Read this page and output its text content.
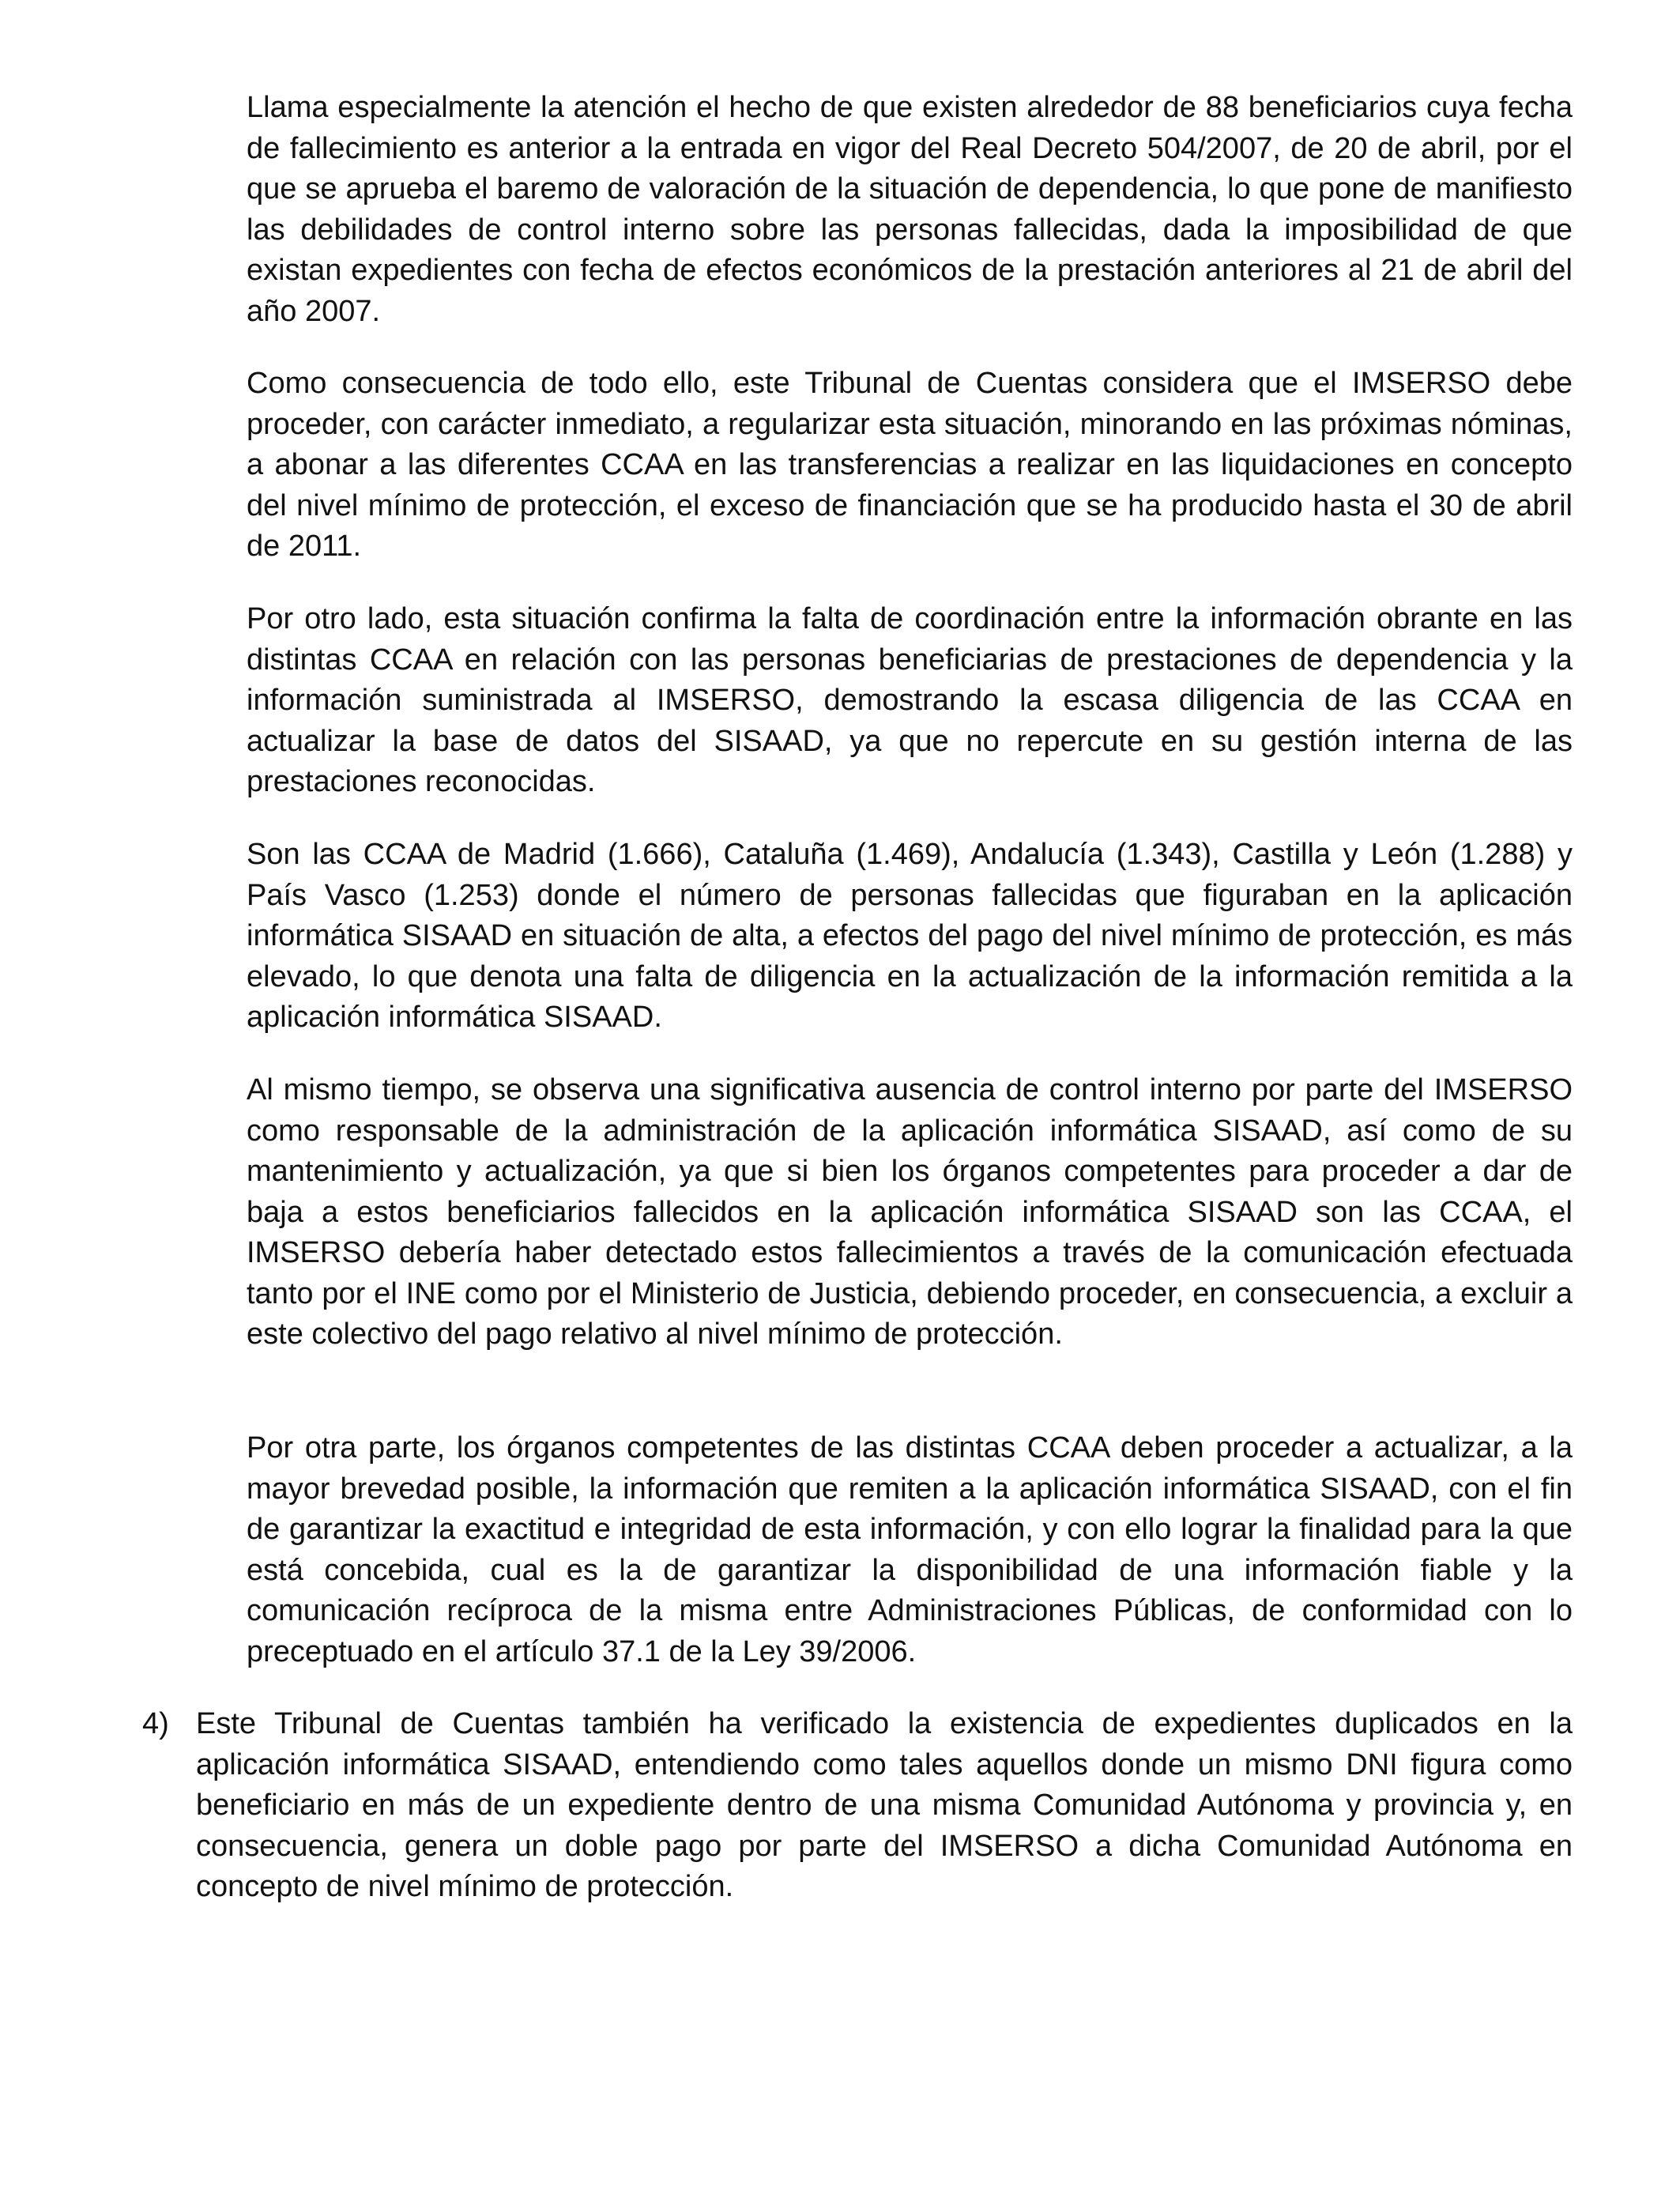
Llama especialmente la atención el hecho de que existen alrededor de 88 beneficiarios cuya fecha de fallecimiento es anterior a la entrada en vigor del Real Decreto 504/2007, de 20 de abril, por el que se aprueba el baremo de valoración de la situación de dependencia, lo que pone de manifiesto las debilidades de control interno sobre las personas fallecidas, dada la imposibilidad de que existan expedientes con fecha de efectos económicos de la prestación anteriores al 21 de abril del año 2007.

Como consecuencia de todo ello, este Tribunal de Cuentas considera que el IMSERSO debe proceder, con carácter inmediato, a regularizar esta situación, minorando en las próximas nóminas, a abonar a las diferentes CCAA en las transferencias a realizar en las liquidaciones en concepto del nivel mínimo de protección, el exceso de financiación que se ha producido hasta el 30 de abril de 2011.

Por otro lado, esta situación confirma la falta de coordinación entre la información obrante en las distintas CCAA en relación con las personas beneficiarias de prestaciones de dependencia y la información suministrada al IMSERSO, demostrando la escasa diligencia de las CCAA en actualizar la base de datos del SISAAD, ya que no repercute en su gestión interna de las prestaciones reconocidas.

Son las CCAA de Madrid (1.666), Cataluña (1.469), Andalucía (1.343), Castilla y León (1.288) y País Vasco (1.253) donde el número de personas fallecidas que figuraban en la aplicación informática SISAAD en situación de alta, a efectos del pago del nivel mínimo de protección, es más elevado, lo que denota una falta de diligencia en la actualización de la información remitida a la aplicación informática SISAAD.

Al mismo tiempo, se observa una significativa ausencia de control interno por parte del IMSERSO como responsable de la administración de la aplicación informática SISAAD, así como de su mantenimiento y actualización, ya que si bien los órganos competentes para proceder a dar de baja a estos beneficiarios fallecidos en la aplicación informática SISAAD son las CCAA, el IMSERSO debería haber detectado estos fallecimientos a través de la comunicación efectuada tanto por el INE como por el Ministerio de Justicia, debiendo proceder, en consecuencia, a excluir a este colectivo del pago relativo al nivel mínimo de protección.

Por otra parte, los órganos competentes de las distintas CCAA deben proceder a actualizar, a la mayor brevedad posible, la información que remiten a la aplicación informática SISAAD, con el fin de garantizar la exactitud e integridad de esta información, y con ello lograr la finalidad para la que está concebida, cual es la de garantizar la disponibilidad de una información fiable y la comunicación recíproca de la misma entre Administraciones Públicas, de conformidad con lo preceptuado en el artículo 37.1 de la Ley 39/2006.

4) Este Tribunal de Cuentas también ha verificado la existencia de expedientes duplicados en la aplicación informática SISAAD, entendiendo como tales aquellos donde un mismo DNI figura como beneficiario en más de un expediente dentro de una misma Comunidad Autónoma y provincia y, en consecuencia, genera un doble pago por parte del IMSERSO a dicha Comunidad Autónoma en concepto de nivel mínimo de protección.
